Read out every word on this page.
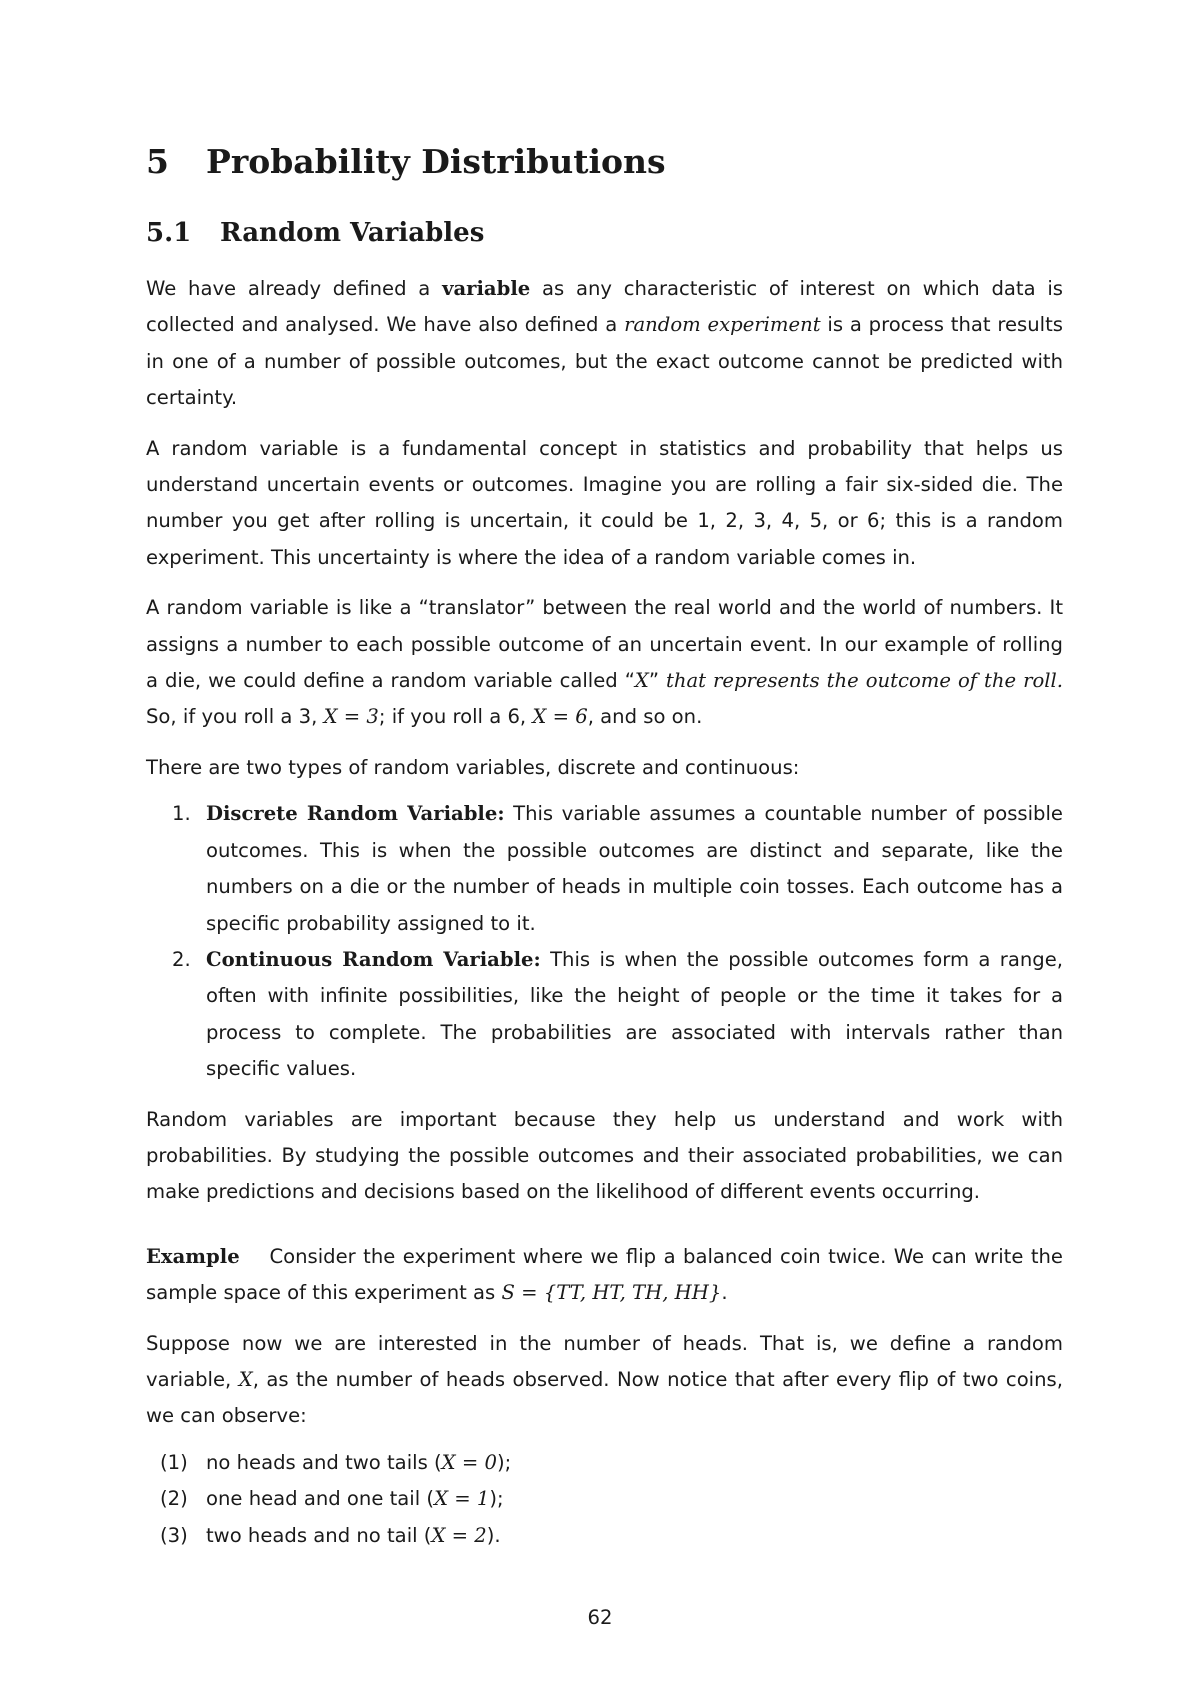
5 Probability Distributions
5.1 Random Variables

We have already defined a variable as any characteristic of interest on which data is collected and analysed. We have also defined a random experiment is a process that results in one of a number of possible outcomes, but the exact outcome cannot be predicted with certainty.

A random variable is a fundamental concept in statistics and probability that helps us understand uncertain events or outcomes. Imagine you are rolling a fair six-sided die. The number you get after rolling is uncertain, it could be 1, 2, 3, 4, 5, or 6; this is a random experiment. This uncertainty is where the idea of a random variable comes in.

A random variable is like a “translator” between the real world and the world of numbers. It assigns a number to each possible outcome of an uncertain event. In our example of rolling a die, we could define a random variable called “X” that represents the outcome of the roll. So, if you roll a 3, X = 3; if you roll a 6, X = 6, and so on.

There are two types of random variables, discrete and continuous:

1. Discrete Random Variable: This variable assumes a countable number of possible outcomes. This is when the possible outcomes are distinct and separate, like the numbers on a die or the number of heads in multiple coin tosses. Each outcome has a specific probability assigned to it.
2. Continuous Random Variable: This is when the possible outcomes form a range, often with infinite possibilities, like the height of people or the time it takes for a process to complete. The probabilities are associated with intervals rather than specific values.

Random variables are important because they help us understand and work with probabilities. By studying the possible outcomes and their associated probabilities, we can make predictions and decisions based on the likelihood of different events occurring.

Example Consider the experiment where we flip a balanced coin twice. We can write the sample space of this experiment as S = {TT, HT, TH, HH}.

Suppose now we are interested in the number of heads. That is, we define a random variable, X, as the number of heads observed. Now notice that after every flip of two coins, we can observe:

(1) no heads and two tails (X = 0);
(2) one head and one tail (X = 1);
(3) two heads and no tail (X = 2).
62
